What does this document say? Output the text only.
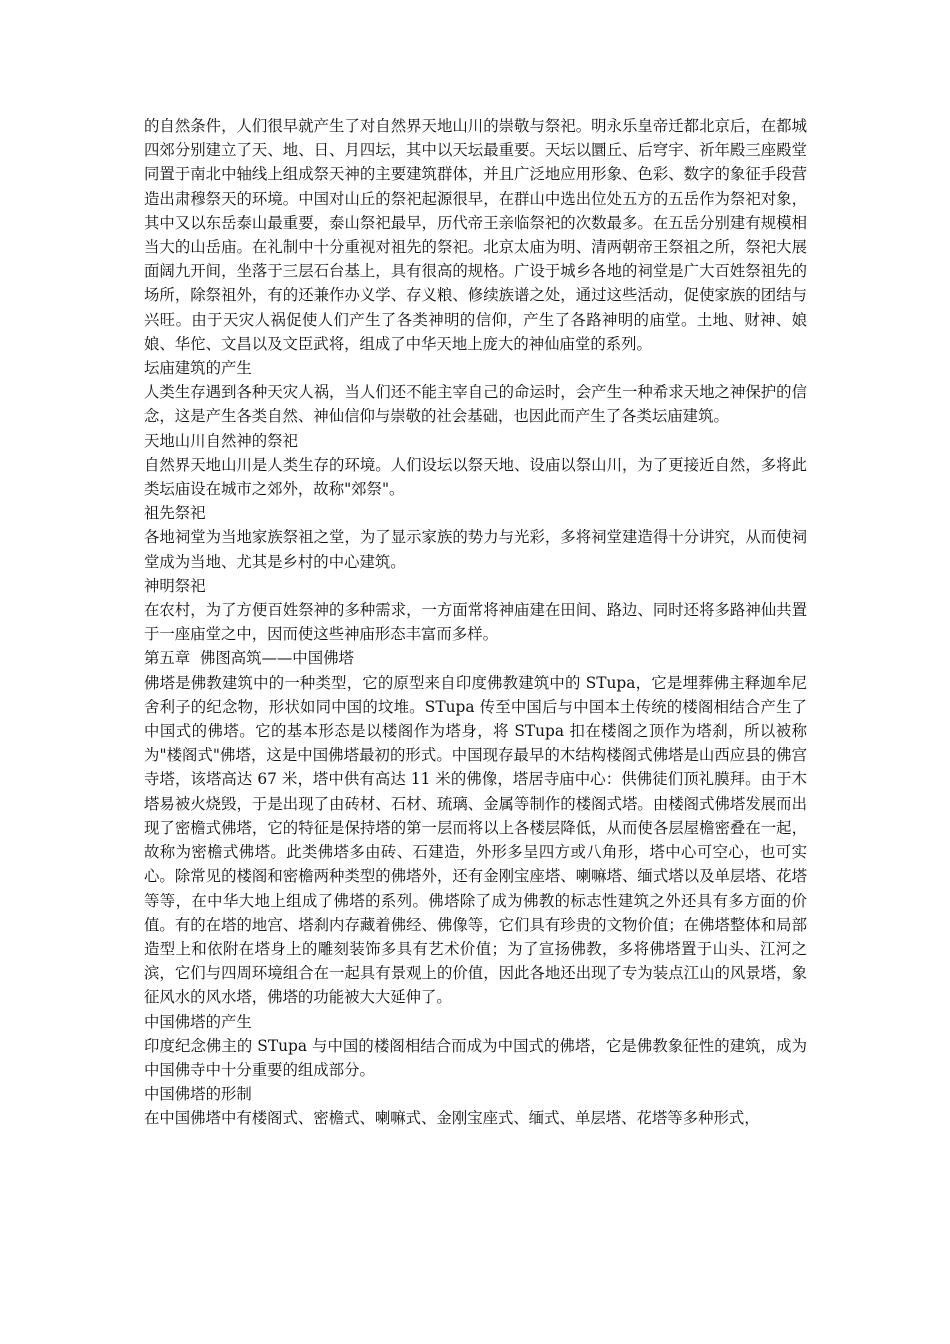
的自然条件，人们很早就产生了对自然界天地山川的崇敬与祭祀。明永乐皇帝迁都北京后，在都城四郊分别建立了天、地、日、月四坛，其中以天坛最重要。天坛以圜丘、后穹宇、祈年殿三座殿堂同置于南北中轴线上组成祭天神的主要建筑群体，并且广泛地应用形象、色彩、数字的象征手段营造出肃穆祭天的环境。中国对山丘的祭祀起源很早，在群山中选出位处五方的五岳作为祭祀对象，其中又以东岳泰山最重要，泰山祭祀最早，历代帝王亲临祭祀的次数最多。在五岳分别建有规模相当大的山岳庙。在礼制中十分重视对祖先的祭祀。北京太庙为明、清两朝帝王祭祖之所，祭祀大展面阔九开间，坐落于三层石台基上，具有很高的规格。广设于城乡各地的祠堂是广大百姓祭祖先的场所，除祭祖外，有的还兼作办义学、存义粮、修续族谱之处，通过这些活动，促使家族的团结与兴旺。由于天灾人祸促使人们产生了各类神明的信仰，产生了各路神明的庙堂。土地、财神、娘娘、华佗、文昌以及文臣武将，组成了中华天地上庞大的神仙庙堂的系列。

坛庙建筑的产生

人类生存遇到各种天灾人祸，当人们还不能主宰自己的命运时，会产生一种希求天地之神保护的信念，这是产生各类自然、神仙信仰与崇敬的社会基础，也因此而产生了各类坛庙建筑。

天地山川自然神的祭祀

自然界天地山川是人类生存的环境。人们设坛以祭天地、设庙以祭山川，为了更接近自然，多将此类坛庙设在城市之郊外，故称"郊祭"。

祖先祭祀

各地祠堂为当地家族祭祖之堂，为了显示家族的势力与光彩，多将祠堂建造得十分讲究，从而使祠堂成为当地、尤其是乡村的中心建筑。

神明祭祀

在农村，为了方便百姓祭神的多种需求，一方面常将神庙建在田间、路边、同时还将多路神仙共置于一座庙堂之中，因而使这些神庙形态丰富而多样。

第五章  佛图高筑——中国佛塔

佛塔是佛教建筑中的一种类型，它的原型来自印度佛教建筑中的 STupa，它是埋葬佛主释迦牟尼舍利子的纪念物，形状如同中国的坟堆。STupa 传至中国后与中国本土传统的楼阁相结合产生了中国式的佛塔。它的基本形态是以楼阁作为塔身，将 STupa 扣在楼阁之顶作为塔刹，所以被称为"楼阁式"佛塔，这是中国佛塔最初的形式。中国现存最早的木结构楼阁式佛塔是山西应县的佛宫寺塔，该塔高达 67 米，塔中供有高达 11 米的佛像，塔居寺庙中心：供佛徒们顶礼膜拜。由于木塔易被火烧毁，于是出现了由砖材、石材、琉璃、金属等制作的楼阁式塔。由楼阁式佛塔发展而出现了密檐式佛塔，它的特征是保持塔的第一层而将以上各楼层降低，从而使各层屋檐密叠在一起，故称为密檐式佛塔。此类佛塔多由砖、石建造，外形多呈四方或八角形，塔中心可空心，也可实心。除常见的楼阁和密檐两种类型的佛塔外，还有金刚宝座塔、喇嘛塔、缅式塔以及单层塔、花塔等等，在中华大地上组成了佛塔的系列。佛塔除了成为佛教的标志性建筑之外还具有多方面的价值。有的在塔的地宫、塔刹内存藏着佛经、佛像等，它们具有珍贵的文物价值；在佛塔整体和局部造型上和依附在塔身上的雕刻装饰多具有艺术价值；为了宣扬佛教，多将佛塔置于山头、江河之滨，它们与四周环境组合在一起具有景观上的价值，因此各地还出现了专为装点江山的风景塔，象征风水的风水塔，佛塔的功能被大大延伸了。

中国佛塔的产生

印度纪念佛主的 STupa 与中国的楼阁相结合而成为中国式的佛塔，它是佛教象征性的建筑，成为中国佛寺中十分重要的组成部分。

中国佛塔的形制

在中国佛塔中有楼阁式、密檐式、喇嘛式、金刚宝座式、缅式、单层塔、花塔等多种形式，
